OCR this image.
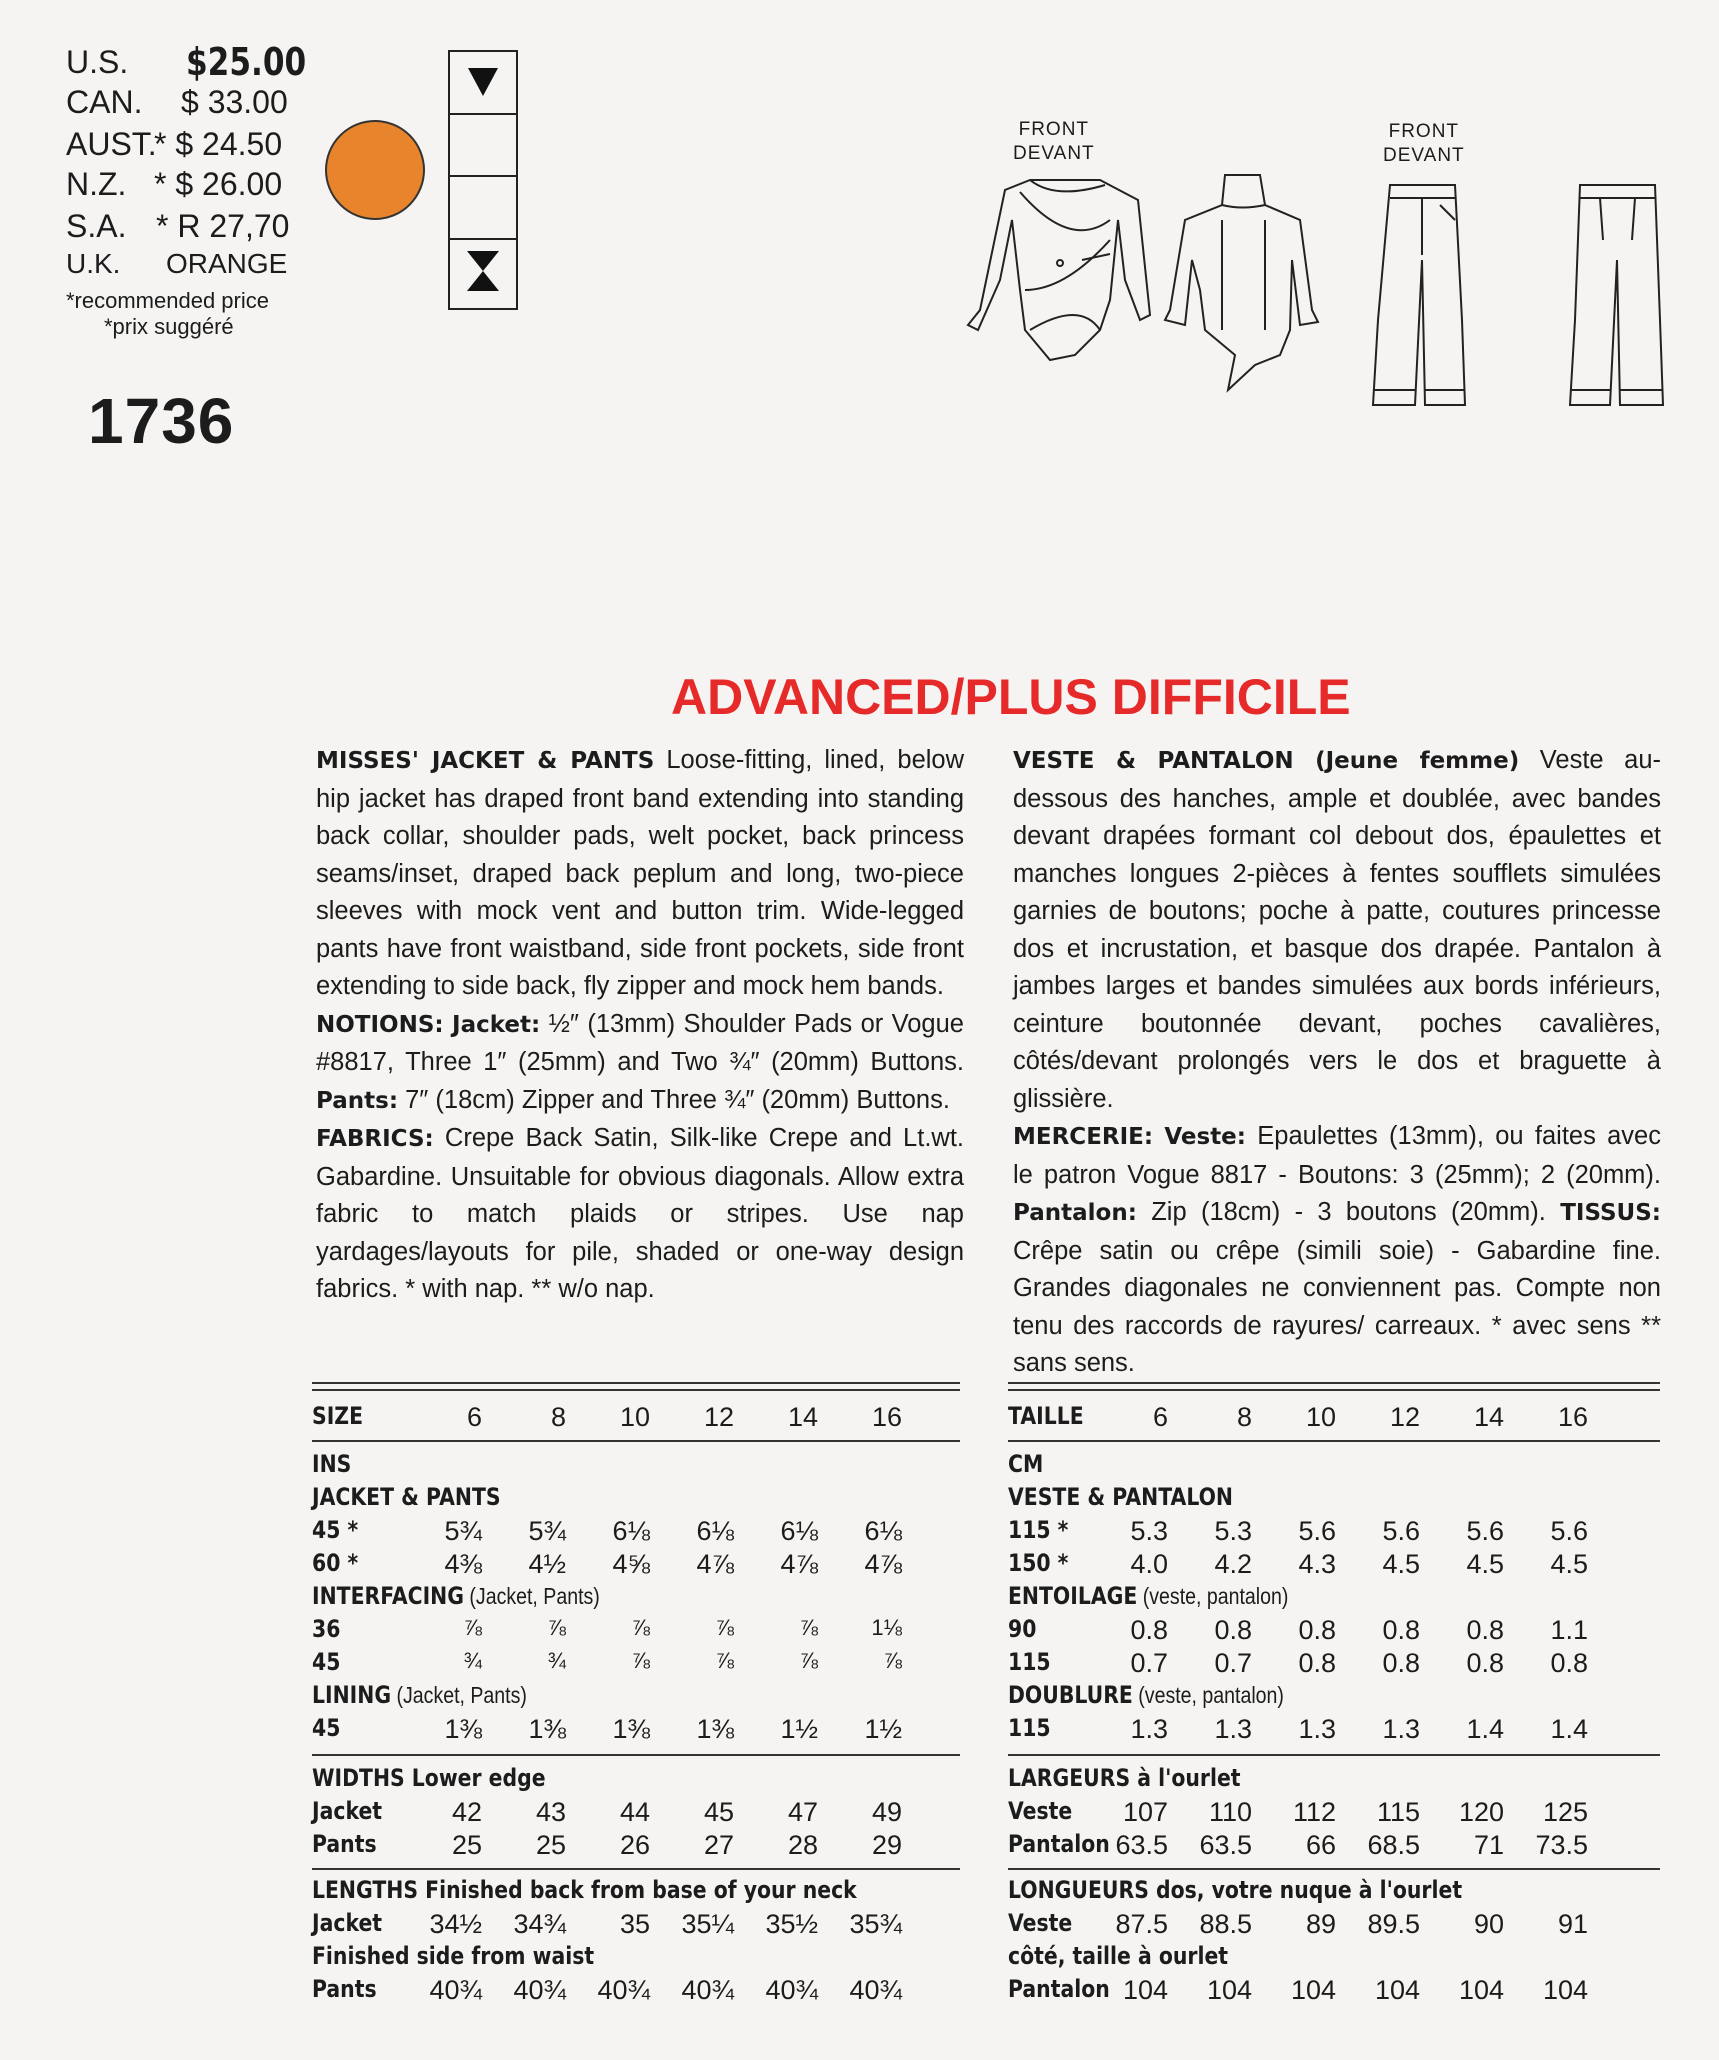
U.S. $25.00
CAN. $ 33.00
AUST.
* $ 24.50
N.Z. * $ 26.00
S.A. * R 27,70
U.K. ORANGE
*recommended price
*prix suggéré
1736
FRONT
DEVANT
FRONT
DEVANT
ADVANCED/PLUS DIFFICILE
MISSES' JACKET & PANTS Loose-fitting, lined, below hip jacket has draped front band extending into standing back collar, shoulder pads, welt pocket, back princess seams/inset, draped back peplum and long, two-piece sleeves with mock vent and button trim. Wide-legged pants have front waistband, side front pockets, side front extending to side back, fly zipper and mock hem bands.
NOTIONS: Jacket: ½″ (13mm) Shoulder Pads or Vogue #8817, Three 1″ (25mm) and Two ¾″ (20mm) Buttons. Pants: 7″ (18cm) Zipper and Three ¾″ (20mm) Buttons.
FABRICS: Crepe Back Satin, Silk-like Crepe and Lt.wt. Gabardine. Unsuitable for obvious diagonals. Allow extra fabric to match plaids or stripes. Use nap yardages/layouts for pile, shaded or one-way design fabrics. * with nap. ** w/o nap.
VESTE & PANTALON (Jeune femme) Veste au-dessous des hanches, ample et doublée, avec bandes devant drapées formant col debout dos, épaulettes et manches longues 2-pièces à fentes soufflets simulées garnies de boutons; poche à patte, coutures princesse dos et incrustation, et basque dos drapée. Pantalon à jambes larges et bandes simulées aux bords inférieurs, ceinture boutonnée devant, poches cavalières, côtés/devant prolongés vers le dos et braguette à glissière.
MERCERIE: Veste: Epaulettes (13mm), ou faites avec le patron Vogue 8817 - Boutons: 3 (25mm); 2 (20mm). Pantalon: Zip (18cm) - 3 boutons (20mm). TISSUS: Crêpe satin ou crêpe (simili soie) - Gabardine fine. Grandes diagonales ne conviennent pas. Compte non tenu des raccords de rayures/ carreaux. * avec sens ** sans sens.
SIZE	6	8	10	12	14	16
INS
JACKET & PANTS
45 *	5¾	5¾	6⅛	6⅛	6⅛	6⅛
60 *	4⅜	4½	4⅝	4⅞	4⅞	4⅞
INTERFACING (Jacket, Pants)
36	⅞	⅞	⅞	⅞	⅞	1⅛
45	¾	¾	⅞	⅞	⅞	⅞
LINING (Jacket, Pants)
45	1⅜	1⅜	1⅜	1⅜	1½	1½
WIDTHS Lower edge
Jacket	42	43	44	45	47	49
Pants	25	25	26	27	28	29
LENGTHS Finished back from base of your neck
Jacket	34½	34¾	35	35¼	35½	35¾
Finished side from waist
Pants	40¾	40¾	40¾	40¾	40¾	40¾
TAILLE	6	8	10	12	14	16
CM
VESTE & PANTALON
115 *	5.3	5.3	5.6	5.6	5.6	5.6
150 *	4.0	4.2	4.3	4.5	4.5	4.5
ENTOILAGE (veste, pantalon)
90	0.8	0.8	0.8	0.8	0.8	1.1
115	0.7	0.7	0.8	0.8	0.8	0.8
DOUBLURE (veste, pantalon)
115	1.3	1.3	1.3	1.3	1.4	1.4
LARGEURS à l'ourlet
Veste	107	110	112	115	120	125
Pantalon 63.5	63.5	66	68.5	71	73.5
LONGUEURS dos, votre nuque à l'ourlet
Veste	87.5	88.5	89	89.5	90	91
côté, taille à ourlet
Pantalon 104	104	104	104	104	104
